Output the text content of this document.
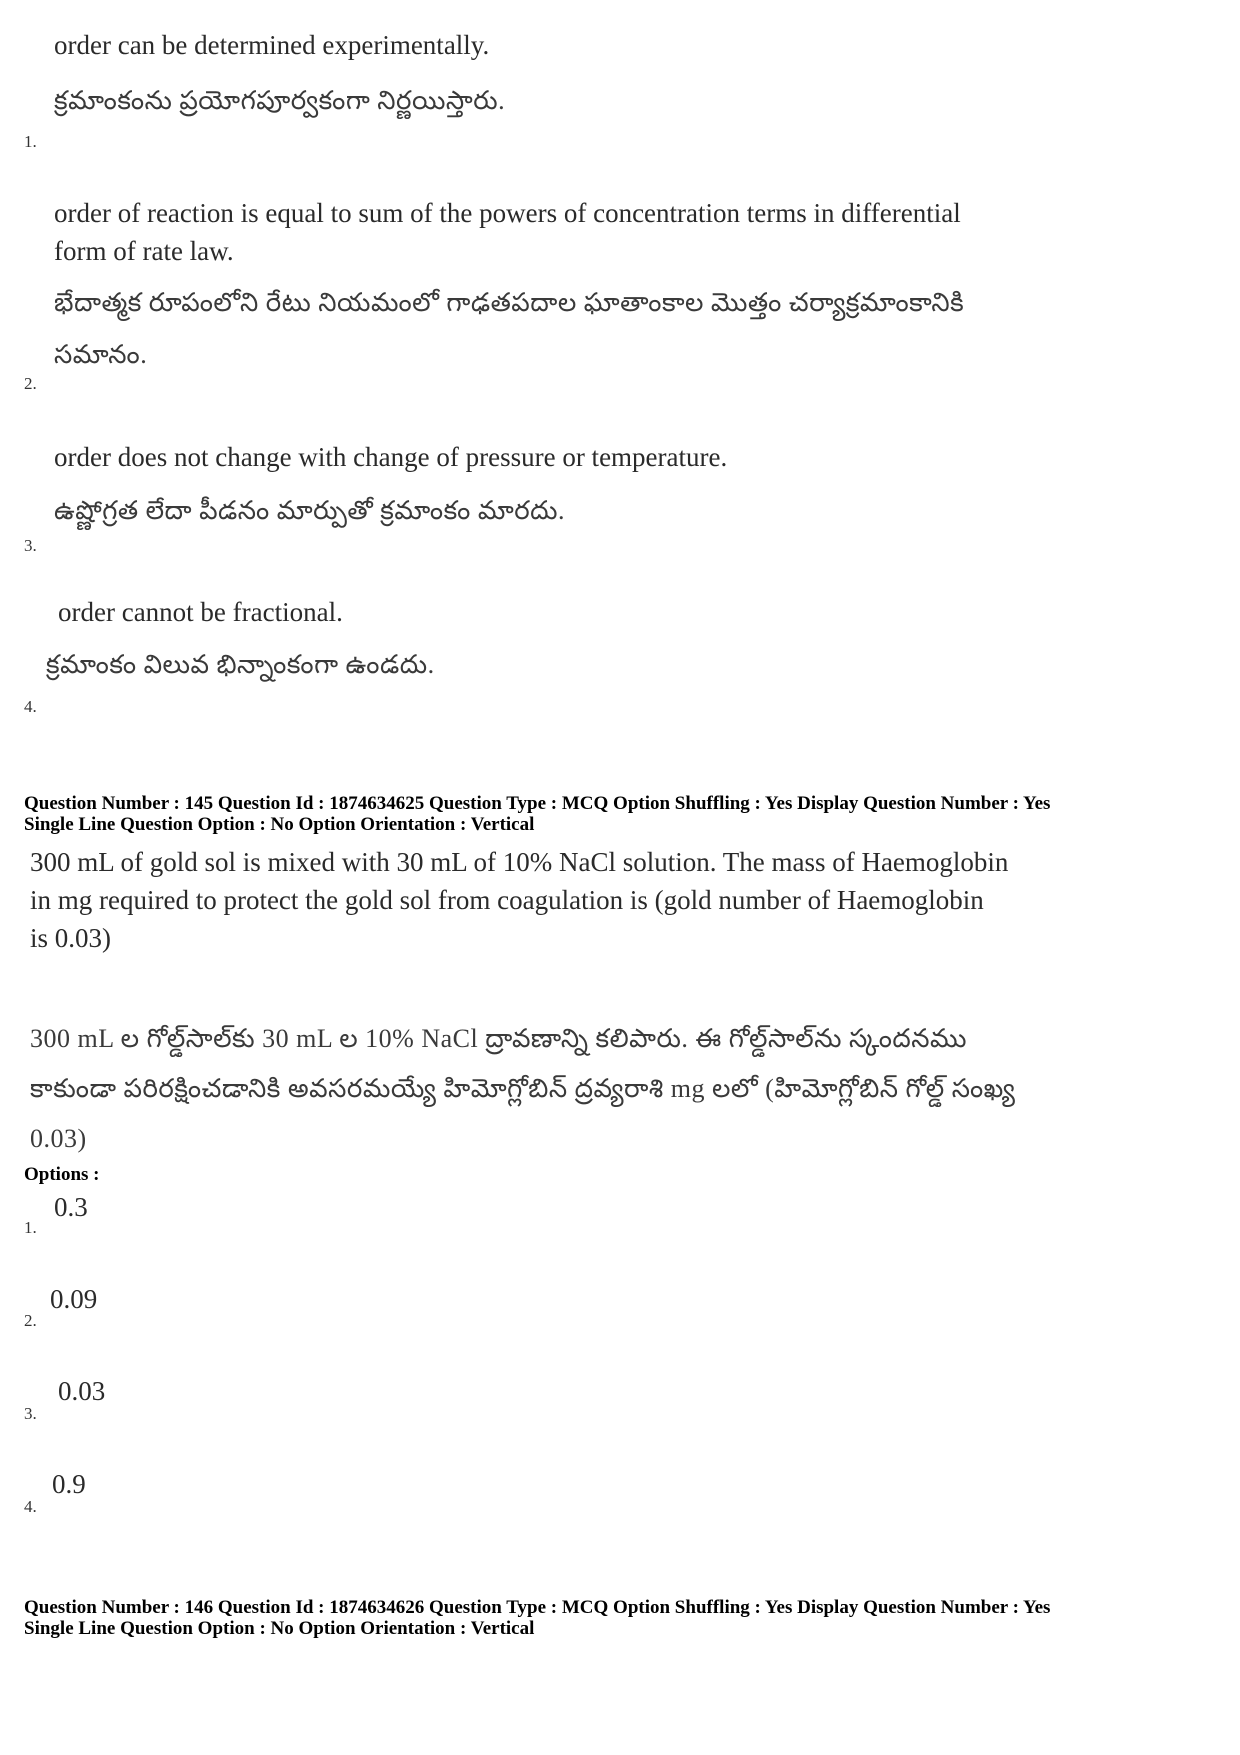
order can be determined experimentally.
క్రమాంకంను ప్రయోగపూర్వకంగా నిర్ణయిస్తారు.
1.
order of reaction is equal to sum of the powers of concentration terms in differential
form of rate law.
భేదాత్మక రూపంలోని రేటు నియమంలో గాఢతపదాల ఘాతాంకాల మొత్తం చర్యాక్రమాంకానికి
సమానం.
2.
order does not change with change of pressure or temperature.
ఉష్ణోగ్రత లేదా పీడనం మార్పుతో క్రమాంకం మారదు.
3.
order cannot be fractional.
క్రమాంకం విలువ భిన్నాంకంగా ఉండదు.
4.
Question Number : 145 Question Id : 1874634625 Question Type : MCQ Option Shuffling : Yes Display Question Number : Yes
Single Line Question Option : No Option Orientation : Vertical
300 mL of gold sol is mixed with 30 mL of 10% NaCl solution. The mass of Haemoglobin
in mg required to protect the gold sol from coagulation is (gold number of Haemoglobin
is 0.03)
300 mL ల గోల్డ్‌సాల్‌కు 30 mL ల 10% NaCl ద్రావణాన్ని కలిపారు. ఈ గోల్డ్‌సాల్‌ను స్కందనము
కాకుండా పరిరక్షించడానికి అవసరమయ్యే హిమోగ్లోబిన్ ద్రవ్యరాశి mg లలో (హిమోగ్లోబిన్ గోల్డ్ సంఖ్య
0.03)
Options :
0.3
1.
0.09
2.
0.03
3.
0.9
4.
Question Number : 146 Question Id : 1874634626 Question Type : MCQ Option Shuffling : Yes Display Question Number : Yes
Single Line Question Option : No Option Orientation : Vertical
